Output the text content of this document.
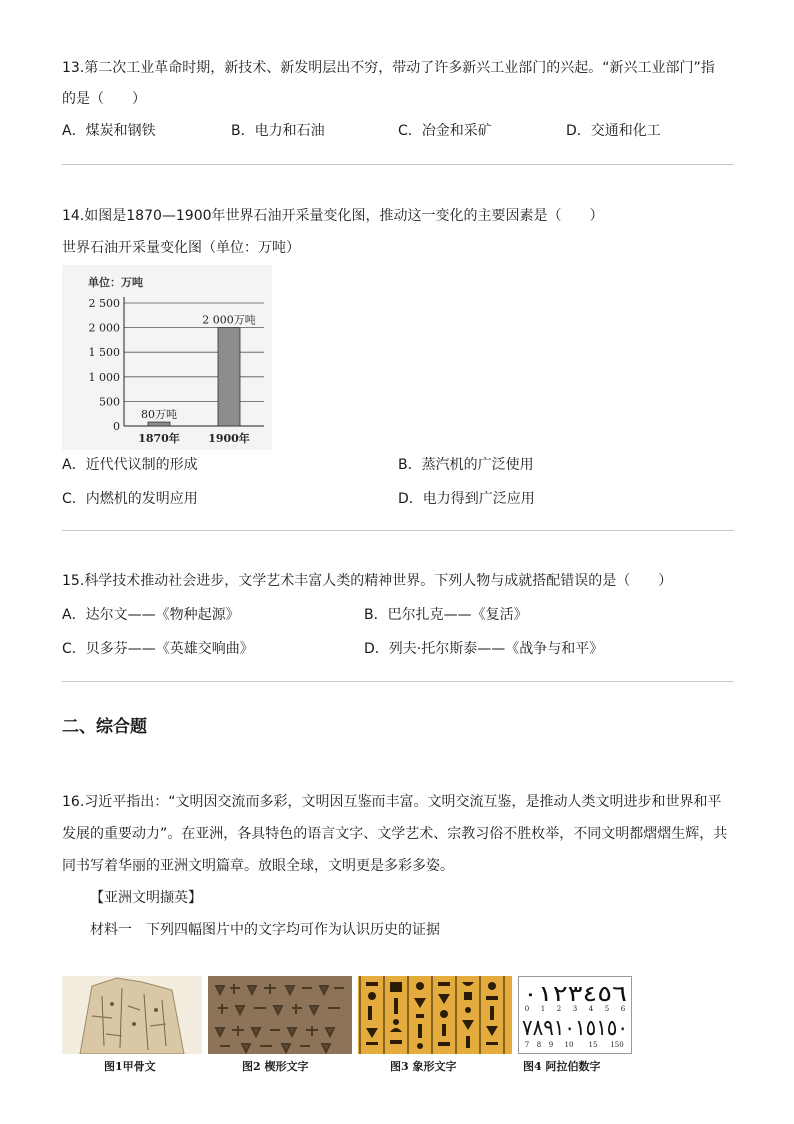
13.第二次工业革命时期，新技术、新发明层出不穷，带动了许多新兴工业部门的兴起。“新兴工业部门”指
的是（　　）
A．煤炭和钢铁	B．电力和石油	C．冶金和采矿	D．交通和化工
14.如图是1870—1900年世界石油开采量变化图，推动这一变化的主要因素是（　　）
世界石油开采量变化图（单位：万吨）
0
500
1 000
1 500
2 000
2 500
80万吨
2 000万吨
1870年	1900年
单位：万吨
A．近代代议制的形成	B．蒸汽机的广泛使用
C．内燃机的发明应用	D．电力得到广泛应用
15.科学技术推动社会进步，文学艺术丰富人类的精神世界。下列人物与成就搭配错误的是（　　）
A．达尔文——《物种起源》	B．巴尔扎克——《复活》
C．贝多芬——《英雄交响曲》	D．列夫·托尔斯泰——《战争与和平》
二、综合题
16.习近平指出：“文明因交流而多彩，文明因互鉴而丰富。文明交流互鉴，是推动人类文明进步和世界和平
发展的重要动力”。在亚洲，各具特色的语言文字、文学艺术、宗教习俗不胜枚举，不同文明都熠熠生辉，共
同书写着华丽的亚洲文明篇章。放眼全球，文明更是多彩多姿。
【亚洲文明撷英】
材料一　下列四幅图片中的文字均可作为认识历史的证据
图1甲骨文	图2 楔形文字	图3 象形文字
٠١٢٣٤٥٦
0 1 2 3 4 5 6
٧٨٩١٠١٥١٥٠
7 8 9 10 15 150
图4 阿拉伯数字
